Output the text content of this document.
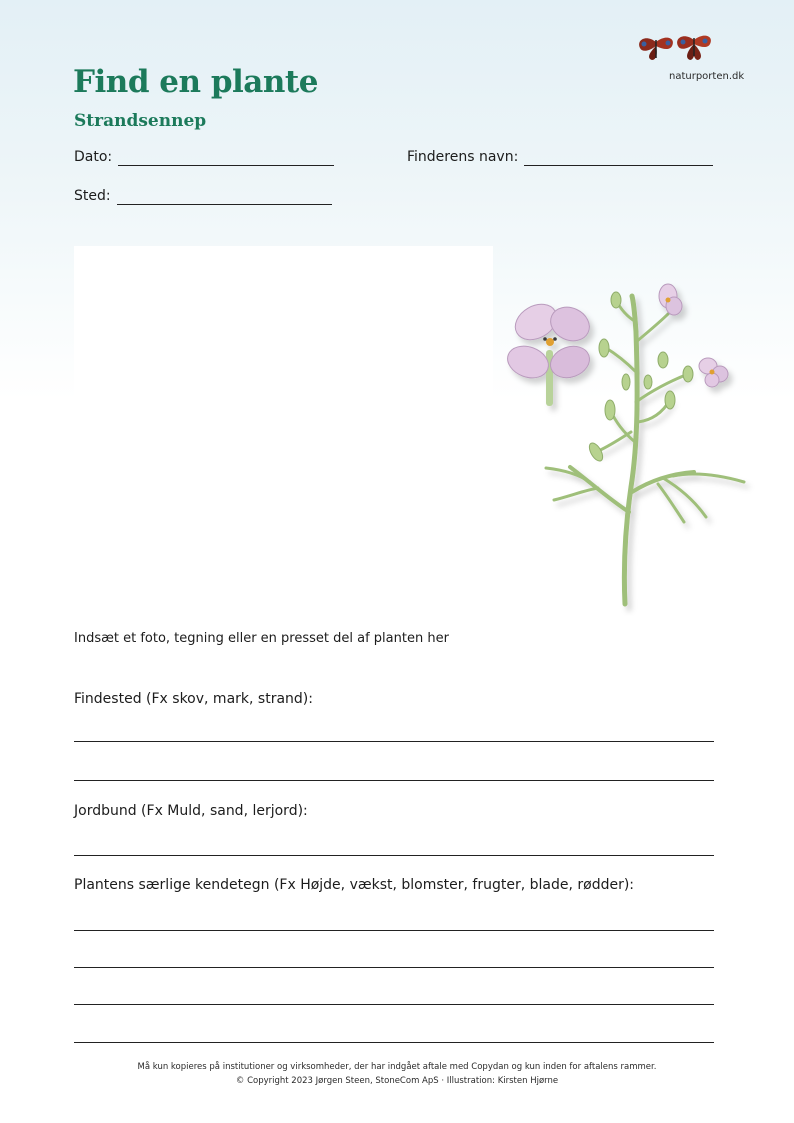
naturporten.dk
Find en plante
Strandsennep
Dato:	Finderens navn:
Sted:
Indsæt et foto, tegning eller en presset del af planten her
Findested (Fx skov, mark, strand):
Jordbund (Fx Muld, sand, lerjord):
Plantens særlige kendetegn (Fx Højde, vækst, blomster, frugter, blade, rødder):
Må kun kopieres på institutioner og virksomheder, der har indgået aftale med Copydan og kun inden for aftalens rammer.
© Copyright 2023 Jørgen Steen, StoneCom ApS · Illustration: Kirsten Hjørne
